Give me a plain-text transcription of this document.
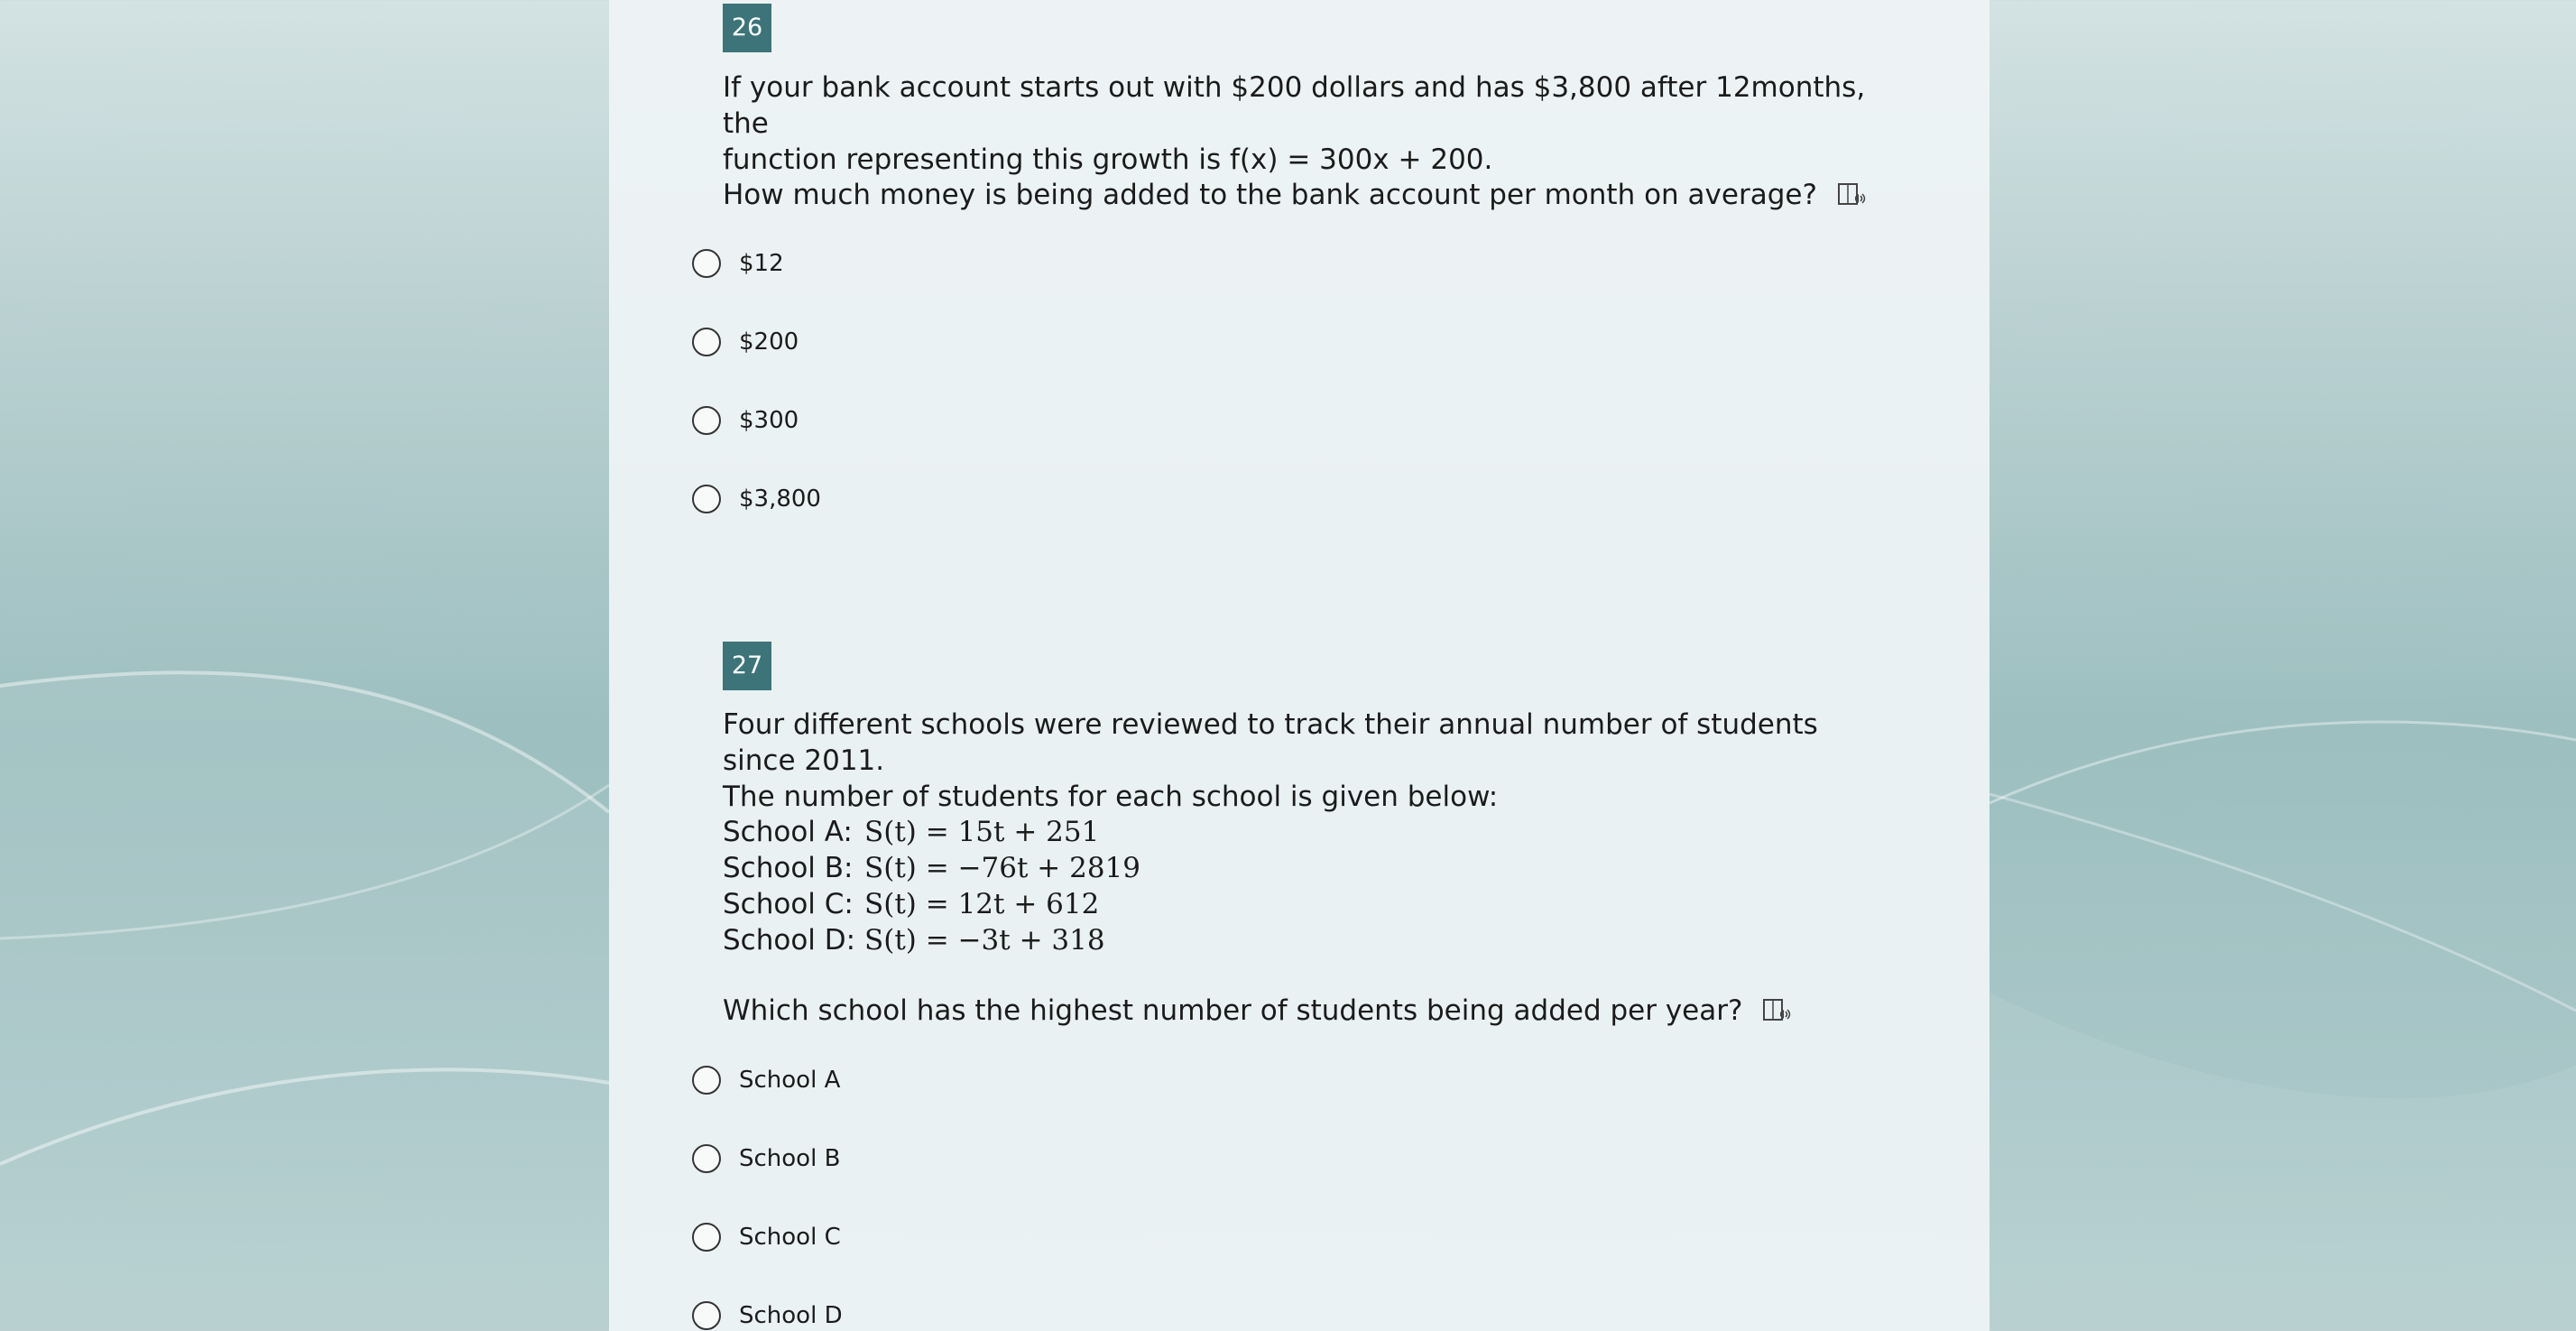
26

If your bank account starts out with $200 dollars and has $3,800 after 12months, the

function representing this growth is f(x) = 300x + 200.

How much money is being added to the bank account per month on average?
$12
$200
$300
$3,800
27

Four different schools were reviewed to track their annual number of students since 2011.

The number of students for each school is given below:

School A: S(t) = 15t + 251
School B: S(t) = −76t + 2819
School C: S(t) = 12t + 612
School D: S(t) = −3t + 318
Which school has the highest number of students being added per year?
School A
School B
School C
School D
